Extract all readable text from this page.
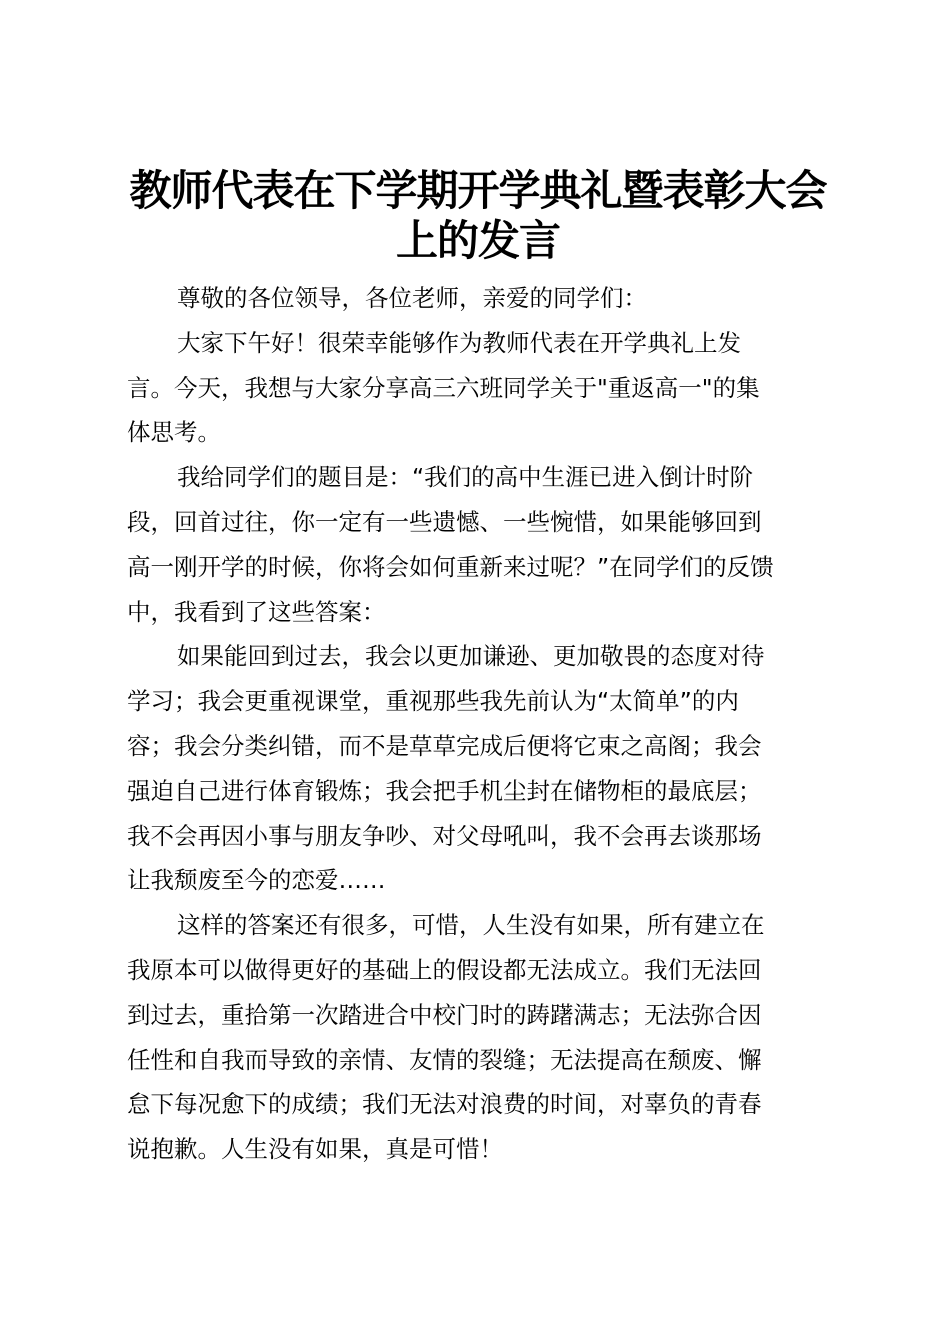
教师代表在下学期开学典礼暨表彰大会
上的发言
尊敬的各位领导，各位老师，亲爱的同学们：
大家下午好！很荣幸能够作为教师代表在开学典礼上发
言。今天，我想与大家分享高三六班同学关于"重返高一"的集
体思考。
我给同学们的题目是：“我们的高中生涯已进入倒计时阶
段，回首过往，你一定有一些遗憾、一些惋惜，如果能够回到
高一刚开学的时候，你将会如何重新来过呢？”在同学们的反馈
中，我看到了这些答案：
如果能回到过去，我会以更加谦逊、更加敬畏的态度对待
学习；我会更重视课堂，重视那些我先前认为“太简单”的内
容；我会分类纠错，而不是草草完成后便将它束之高阁；我会
强迫自己进行体育锻炼；我会把手机尘封在储物柜的最底层；
我不会再因小事与朋友争吵、对父母吼叫，我不会再去谈那场
让我颓废至今的恋爱……
这样的答案还有很多，可惜，人生没有如果，所有建立在
我原本可以做得更好的基础上的假设都无法成立。我们无法回
到过去，重拾第一次踏进合中校门时的踌躇满志；无法弥合因
任性和自我而导致的亲情、友情的裂缝；无法提高在颓废、懈
怠下每况愈下的成绩；我们无法对浪费的时间，对辜负的青春
说抱歉。人生没有如果，真是可惜！
